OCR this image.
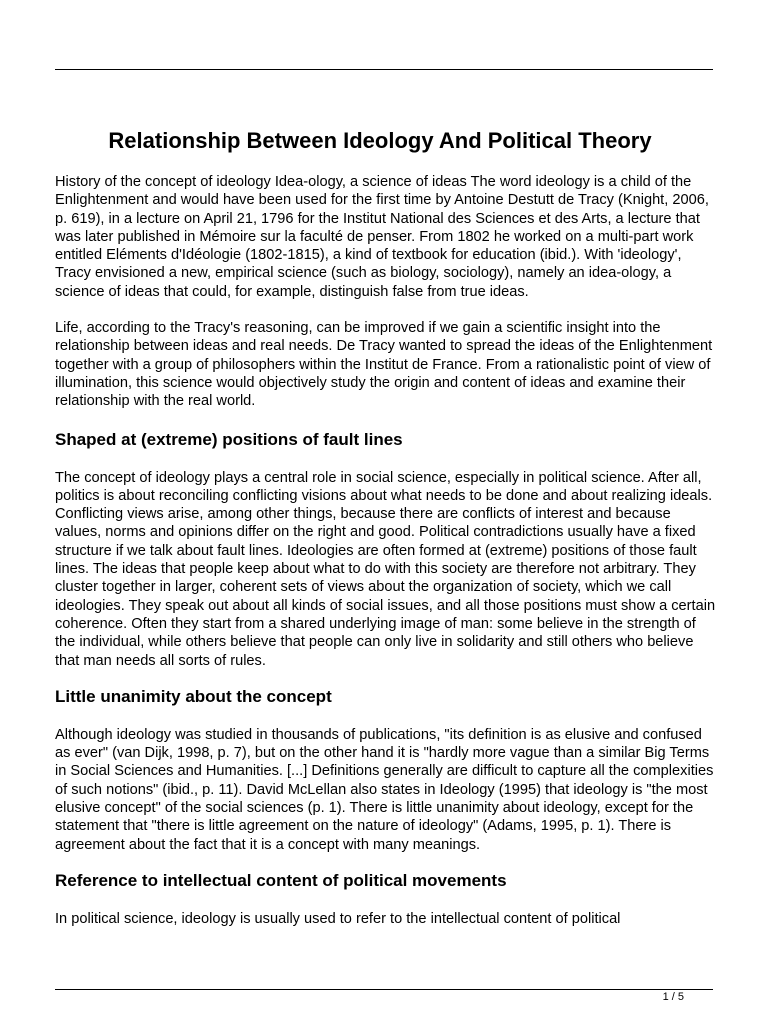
Relationship Between Ideology And Political Theory

History of the concept of ideology Idea-ology, a science of ideas The word ideology is a child of the Enlightenment and would have been used for the first time by Antoine Destutt de Tracy (Knight, 2006, p. 619), in a lecture on April 21, 1796 for the Institut National des Sciences et des Arts, a lecture that was later published in Mémoire sur la faculté de penser. From 1802 he worked on a multi-part work entitled Eléments d'Idéologie (1802-1815), a kind of textbook for education (ibid.). With 'ideology', Tracy envisioned a new, empirical science (such as biology, sociology), namely an idea-ology, a science of ideas that could, for example, distinguish false from true ideas.

Life, according to the Tracy's reasoning, can be improved if we gain a scientific insight into the relationship between ideas and real needs. De Tracy wanted to spread the ideas of the Enlightenment together with a group of philosophers within the Institut de France. From a rationalistic point of view of illumination, this science would objectively study the origin and content of ideas and examine their relationship with the real world.

Shaped at (extreme) positions of fault lines

The concept of ideology plays a central role in social science, especially in political science. After all, politics is about reconciling conflicting visions about what needs to be done and about realizing ideals. Conflicting views arise, among other things, because there are conflicts of interest and because values, norms and opinions differ on the right and good. Political contradictions usually have a fixed structure if we talk about fault lines. Ideologies are often formed at (extreme) positions of those fault lines. The ideas that people keep about what to do with this society are therefore not arbitrary. They cluster together in larger, coherent sets of views about the organization of society, which we call ideologies. They speak out about all kinds of social issues, and all those positions must show a certain coherence. Often they start from a shared underlying image of man: some believe in the strength of the individual, while others believe that people can only live in solidarity and still others who believe that man needs all sorts of rules.

Little unanimity about the concept

Although ideology was studied in thousands of publications, "its definition is as elusive and confused as ever" (van Dijk, 1998, p. 7), but on the other hand it is "hardly more vague than a similar Big Terms in Social Sciences and Humanities. [...] Definitions generally are difficult to capture all the complexities of such notions" (ibid., p. 11). David McLellan also states in Ideology (1995) that ideology is "the most elusive concept" of the social sciences (p. 1). There is little unanimity about ideology, except for the statement that "there is little agreement on the nature of ideology" (Adams, 1995, p. 1). There is agreement about the fact that it is a concept with many meanings.

Reference to intellectual content of political movements

In political science, ideology is usually used to refer to the intellectual content of political

1 / 5
